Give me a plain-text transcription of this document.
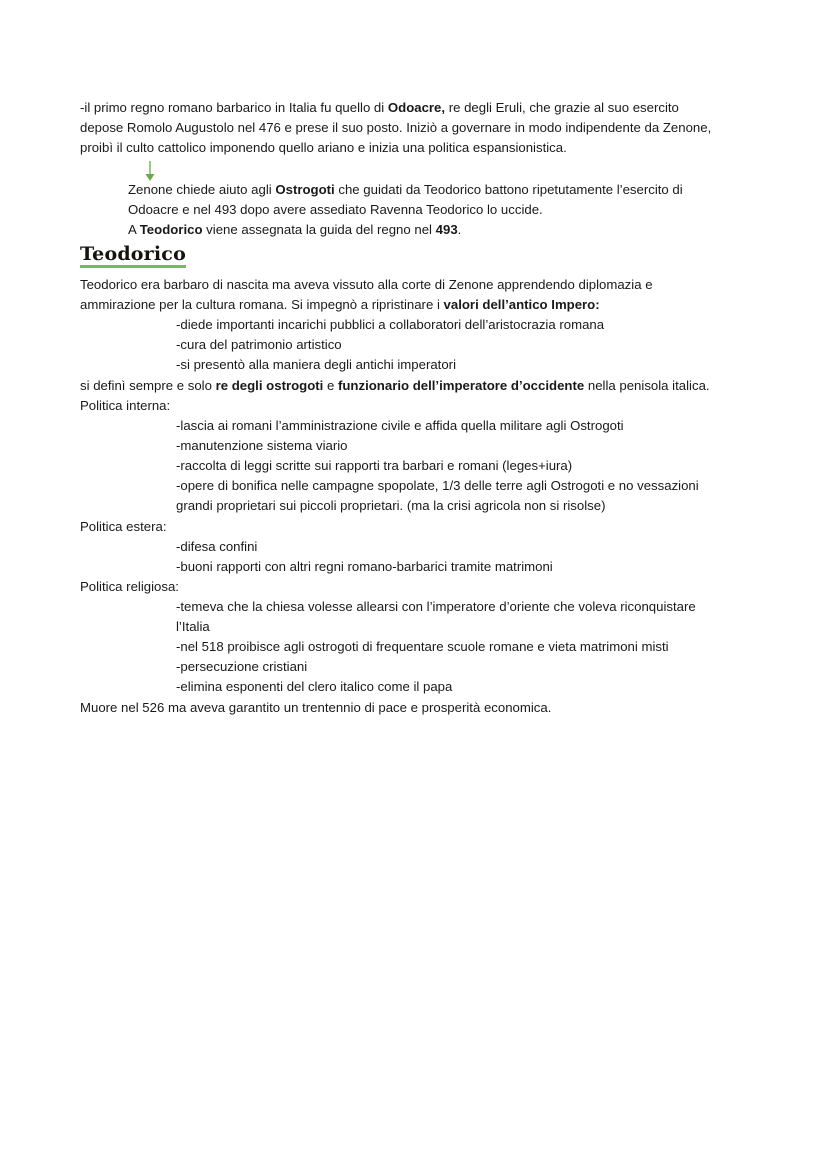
-il primo regno romano barbarico in Italia fu quello di Odoacre, re degli Eruli, che grazie al suo esercito
depose Romolo Augustolo nel 476 e prese il suo posto. Iniziò a governare in modo indipendente da Zenone,
proibì il culto cattolico imponendo quello ariano e inizia una politica espansionistica.
Zenone chiede aiuto agli Ostrogoti che guidati da Teodorico battono ripetutamente l’esercito di
Odoacre e nel 493 dopo avere assediato Ravenna Teodorico lo uccide.
A Teodorico viene assegnata la guida del regno nel 493.
Teodorico
Teodorico era barbaro di nascita ma aveva vissuto alla corte di Zenone apprendendo diplomazia e
ammirazione per la cultura romana. Si impegnò a ripristinare i valori dell’antico Impero:
-diede importanti incarichi pubblici a collaboratori dell’aristocrazia romana
-cura del patrimonio artistico
-si presentò alla maniera degli antichi imperatori
si definì sempre e solo re degli ostrogoti e funzionario dell’imperatore d’occidente nella penisola italica.
Politica interna:
-lascia ai romani l’amministrazione civile e affida quella militare agli Ostrogoti
-manutenzione sistema viario
-raccolta di leggi scritte sui rapporti tra barbari e romani (leges+iura)
-opere di bonifica nelle campagne spopolate, 1/3 delle terre agli Ostrogoti e no vessazioni
grandi proprietari sui piccoli proprietari. (ma la crisi agricola non si risolse)
Politica estera:
-difesa confini
-buoni rapporti con altri regni romano-barbarici tramite matrimoni
Politica religiosa:
-temeva che la chiesa volesse allearsi con l’imperatore d’oriente che voleva riconquistare
l’Italia
-nel 518 proibisce agli ostrogoti di frequentare scuole romane e vieta matrimoni misti
-persecuzione cristiani
-elimina esponenti del clero italico come il papa
Muore nel 526 ma aveva garantito un trentennio di pace e prosperità economica.
